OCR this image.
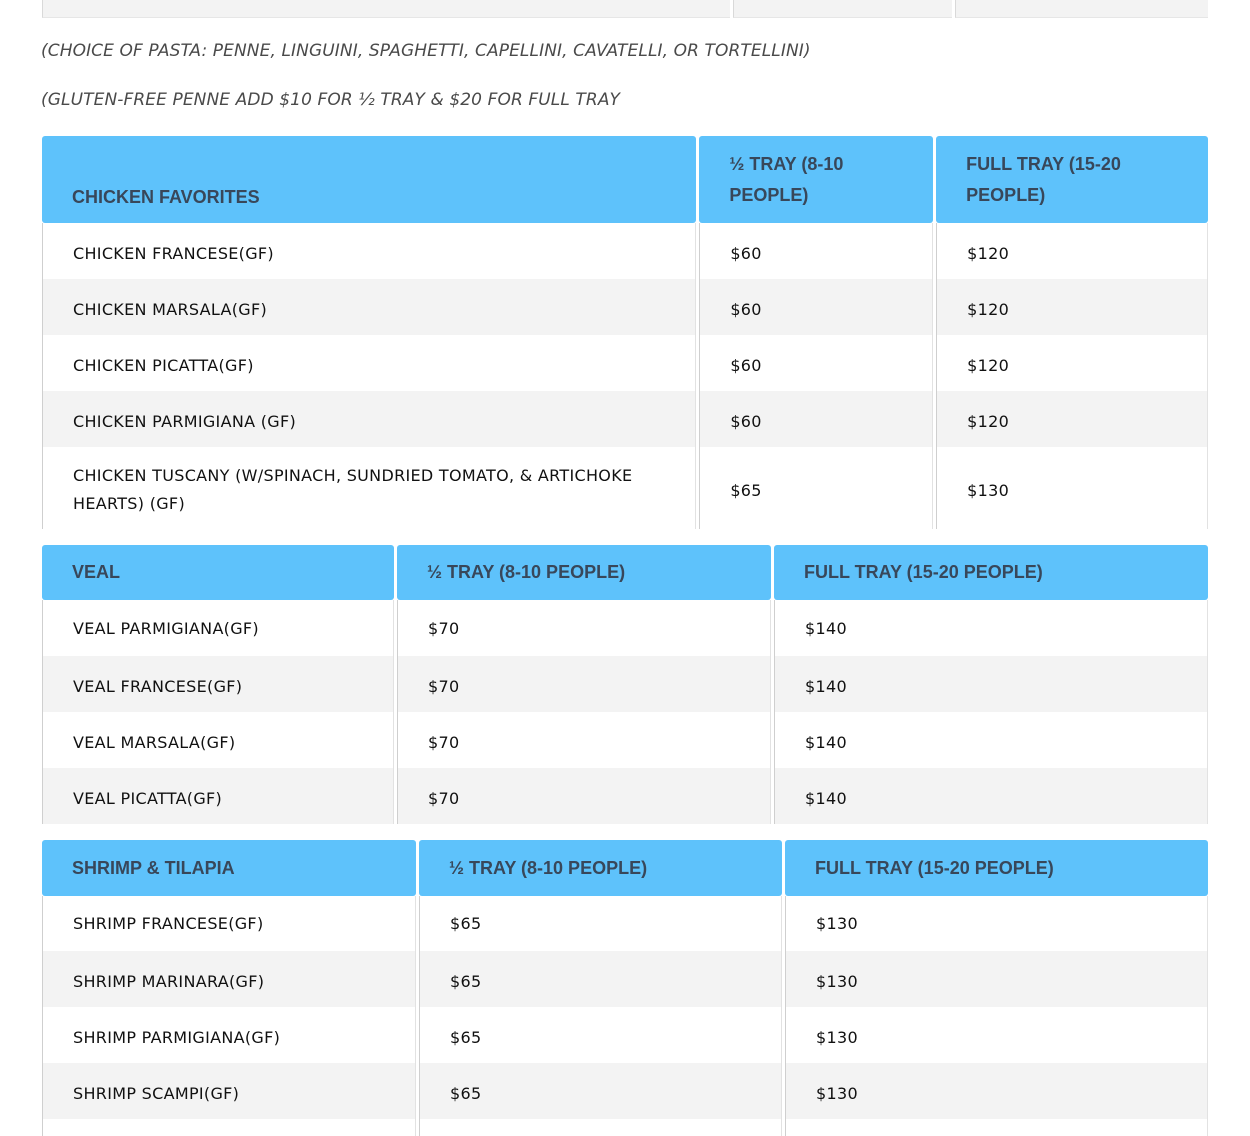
(CHOICE OF PASTA: PENNE, LINGUINI, SPAGHETTI, CAPELLINI, CAVATELLI, OR TORTELLINI)

(GLUTEN-FREE PENNE ADD $10 FOR ½ TRAY & $20 FOR FULL TRAY

CHICKEN FAVORITES	½ TRAY (8-10 PEOPLE)	FULL TRAY (15-20 PEOPLE)

CHICKEN FRANCESE(GF)	$60	$120

CHICKEN MARSALA(GF)	$60	$120

CHICKEN PICATTA(GF)	$60	$120

CHICKEN PARMIGIANA (GF)	$60	$120

CHICKEN TUSCANY (W/SPINACH, SUNDRIED TOMATO, & ARTICHOKE HEARTS) (GF)	$65	$130
VEAL	½ TRAY (8-10 PEOPLE)	FULL TRAY (15-20 PEOPLE)
VEAL PARMIGIANA(GF)	$70	$140

VEAL FRANCESE(GF)	$70	$140

VEAL MARSALA(GF)	$70	$140

VEAL PICATTA(GF)	$70	$140
SHRIMP & TILAPIA	½ TRAY (8-10 PEOPLE)	FULL TRAY (15-20 PEOPLE)
SHRIMP FRANCESE(GF)	$65	$130

SHRIMP MARINARA(GF)	$65	$130

SHRIMP PARMIGIANA(GF)	$65	$130

SHRIMP SCAMPI(GF)	$65	$130
